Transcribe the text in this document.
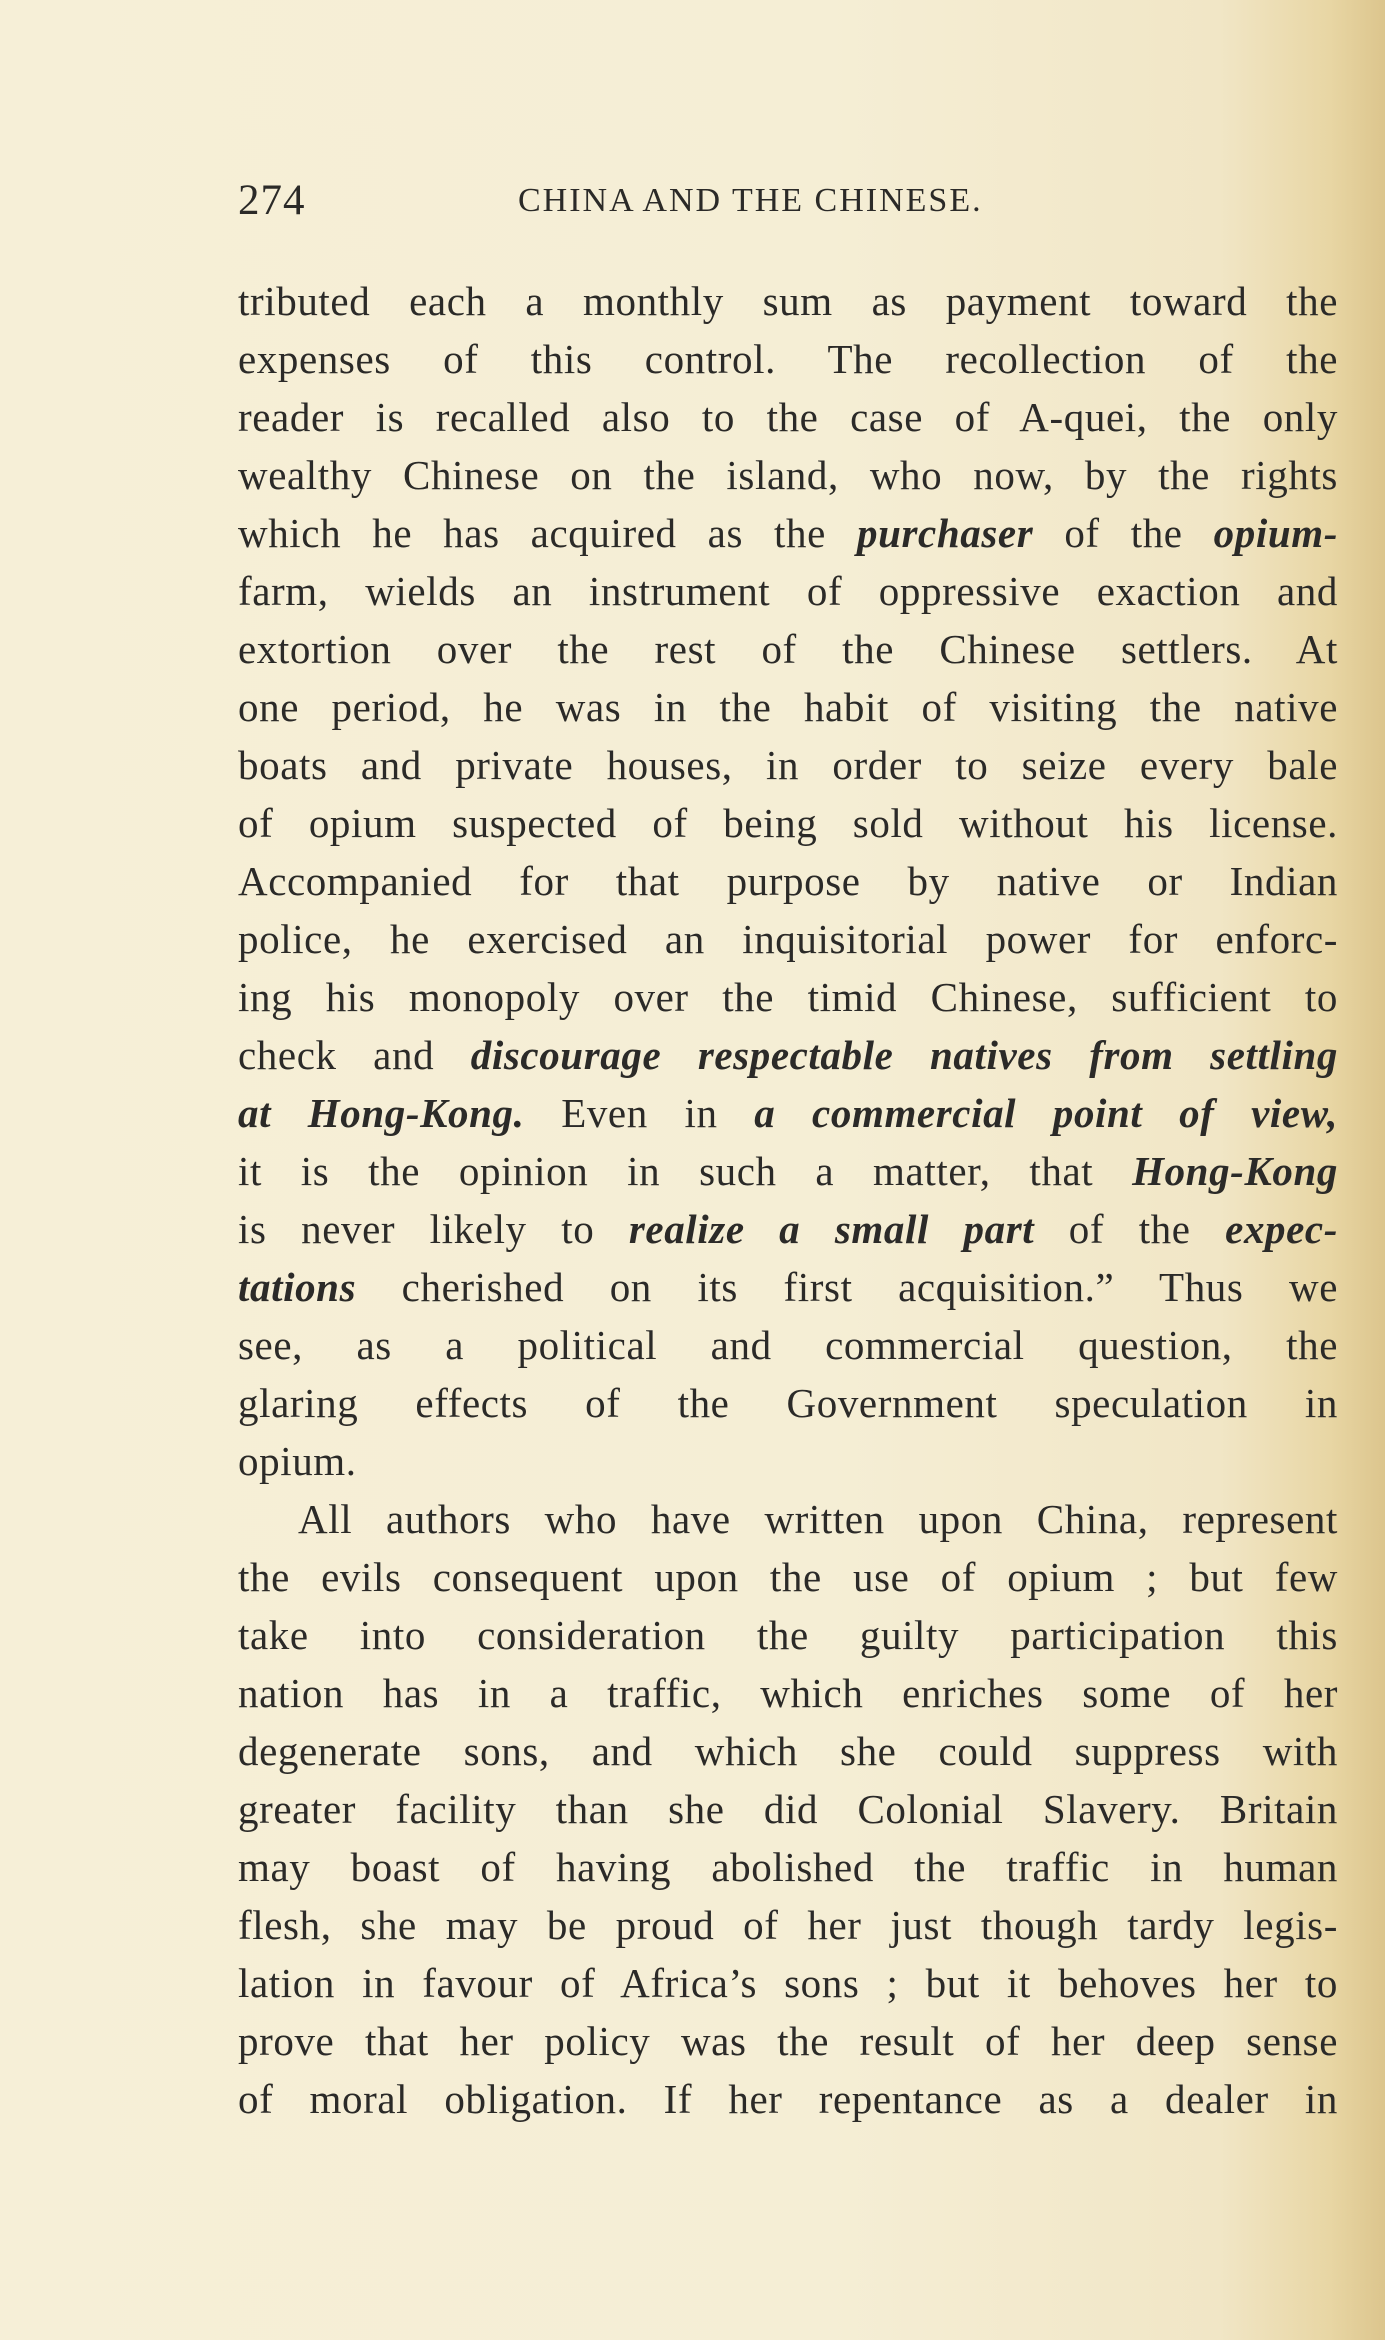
274	CHINA AND THE CHINESE.
tributed each a monthly sum as payment toward the
expenses of this control. The recollection of the
reader is recalled also to the case of A-quei, the only
wealthy Chinese on the island, who now, by the rights
which he has acquired as the purchaser of the opium-
farm, wields an instrument of oppressive exaction and
extortion over the rest of the Chinese settlers. At
one period, he was in the habit of visiting the native
boats and private houses, in order to seize every bale
of opium suspected of being sold without his license.
Accompanied for that purpose by native or Indian
police, he exercised an inquisitorial power for enforc-
ing his monopoly over the timid Chinese, sufficient to
check and discourage respectable natives from settling
at Hong-Kong. Even in a commercial point of view,
it is the opinion in such a matter, that Hong-Kong
is never likely to realize a small part of the expec-
tations cherished on its first acquisition.” Thus we
see, as a political and commercial question, the
glaring effects of the Government speculation in
opium.
All authors who have written upon China, represent
the evils consequent upon the use of opium ; but few
take into consideration the guilty participation this
nation has in a traffic, which enriches some of her
degenerate sons, and which she could suppress with
greater facility than she did Colonial Slavery. Britain
may boast of having abolished the traffic in human
flesh, she may be proud of her just though tardy legis-
lation in favour of Africa’s sons ; but it behoves her to
prove that her policy was the result of her deep sense
of moral obligation. If her repentance as a dealer in
